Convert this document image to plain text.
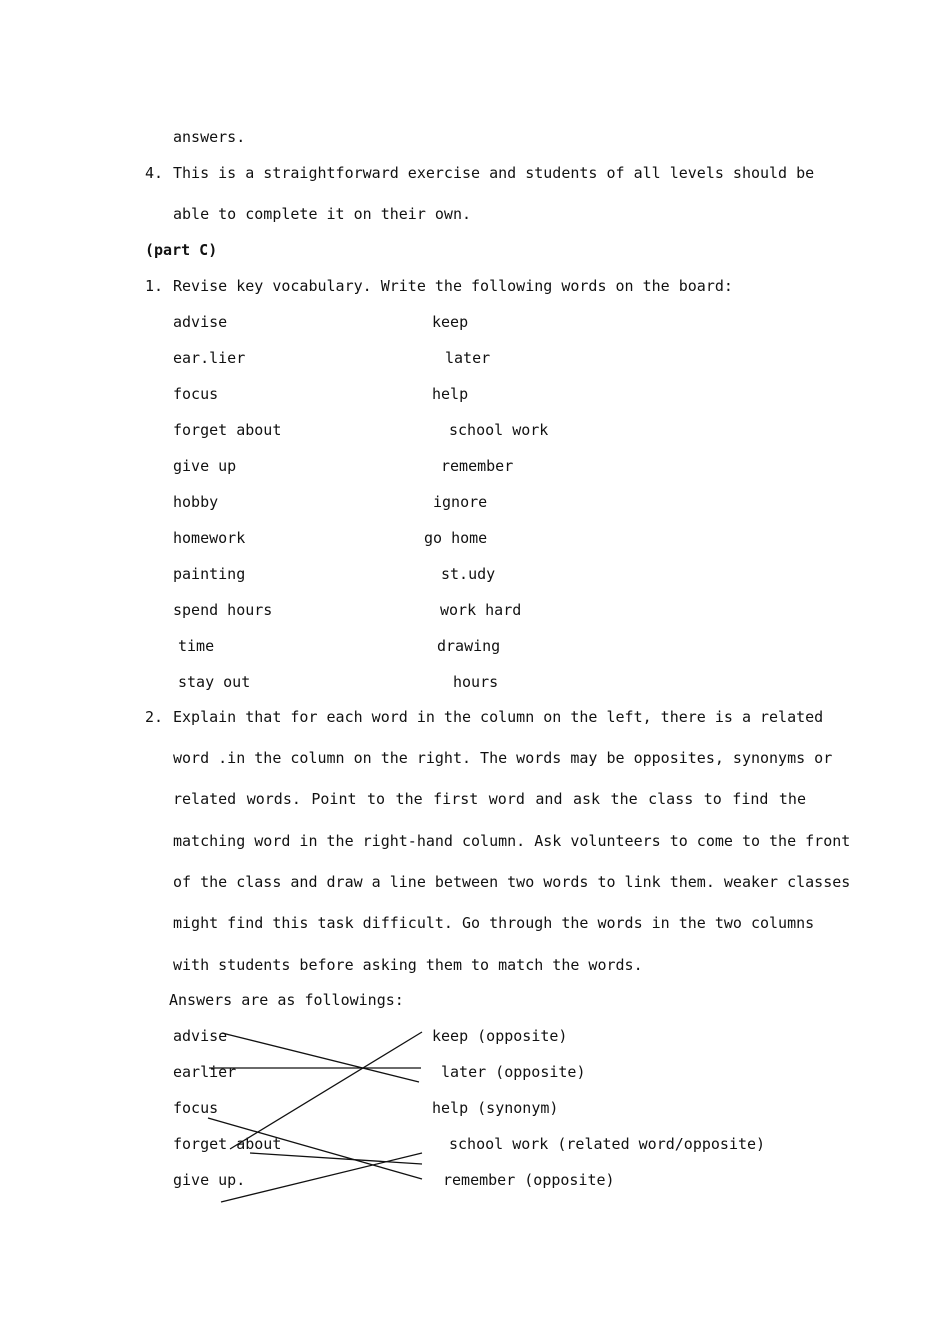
answers.
4. This is a straightforward exercise and students of all levels should be
able to complete it on their own.
(part C)
1. Revise key vocabulary. Write the following words on the board:
advise	keep
ear.lier	later
focus	help
forget about	school work
give up	remember
hobby	ignore
homework	go home
painting	st.udy
spend hours	work hard
time	drawing
stay out	hours
2. Explain that for each word in the column on the left, there is a related
word .in the column on the right. The words may be opposites, synonyms or
related words. Point to the first word and ask the class to find the
matching word in the right-hand column. Ask volunteers to come to the front
of the class and draw a line between two words to link them. weaker classes
might find this task difficult. Go through the words in the two columns
with students before asking them to match the words.
Answers are as followings:
advise	keep (opposite)
earlier	later (opposite)
focus	help (synonym)
forget about	school work (related word/opposite)
give up.	remember (opposite)
